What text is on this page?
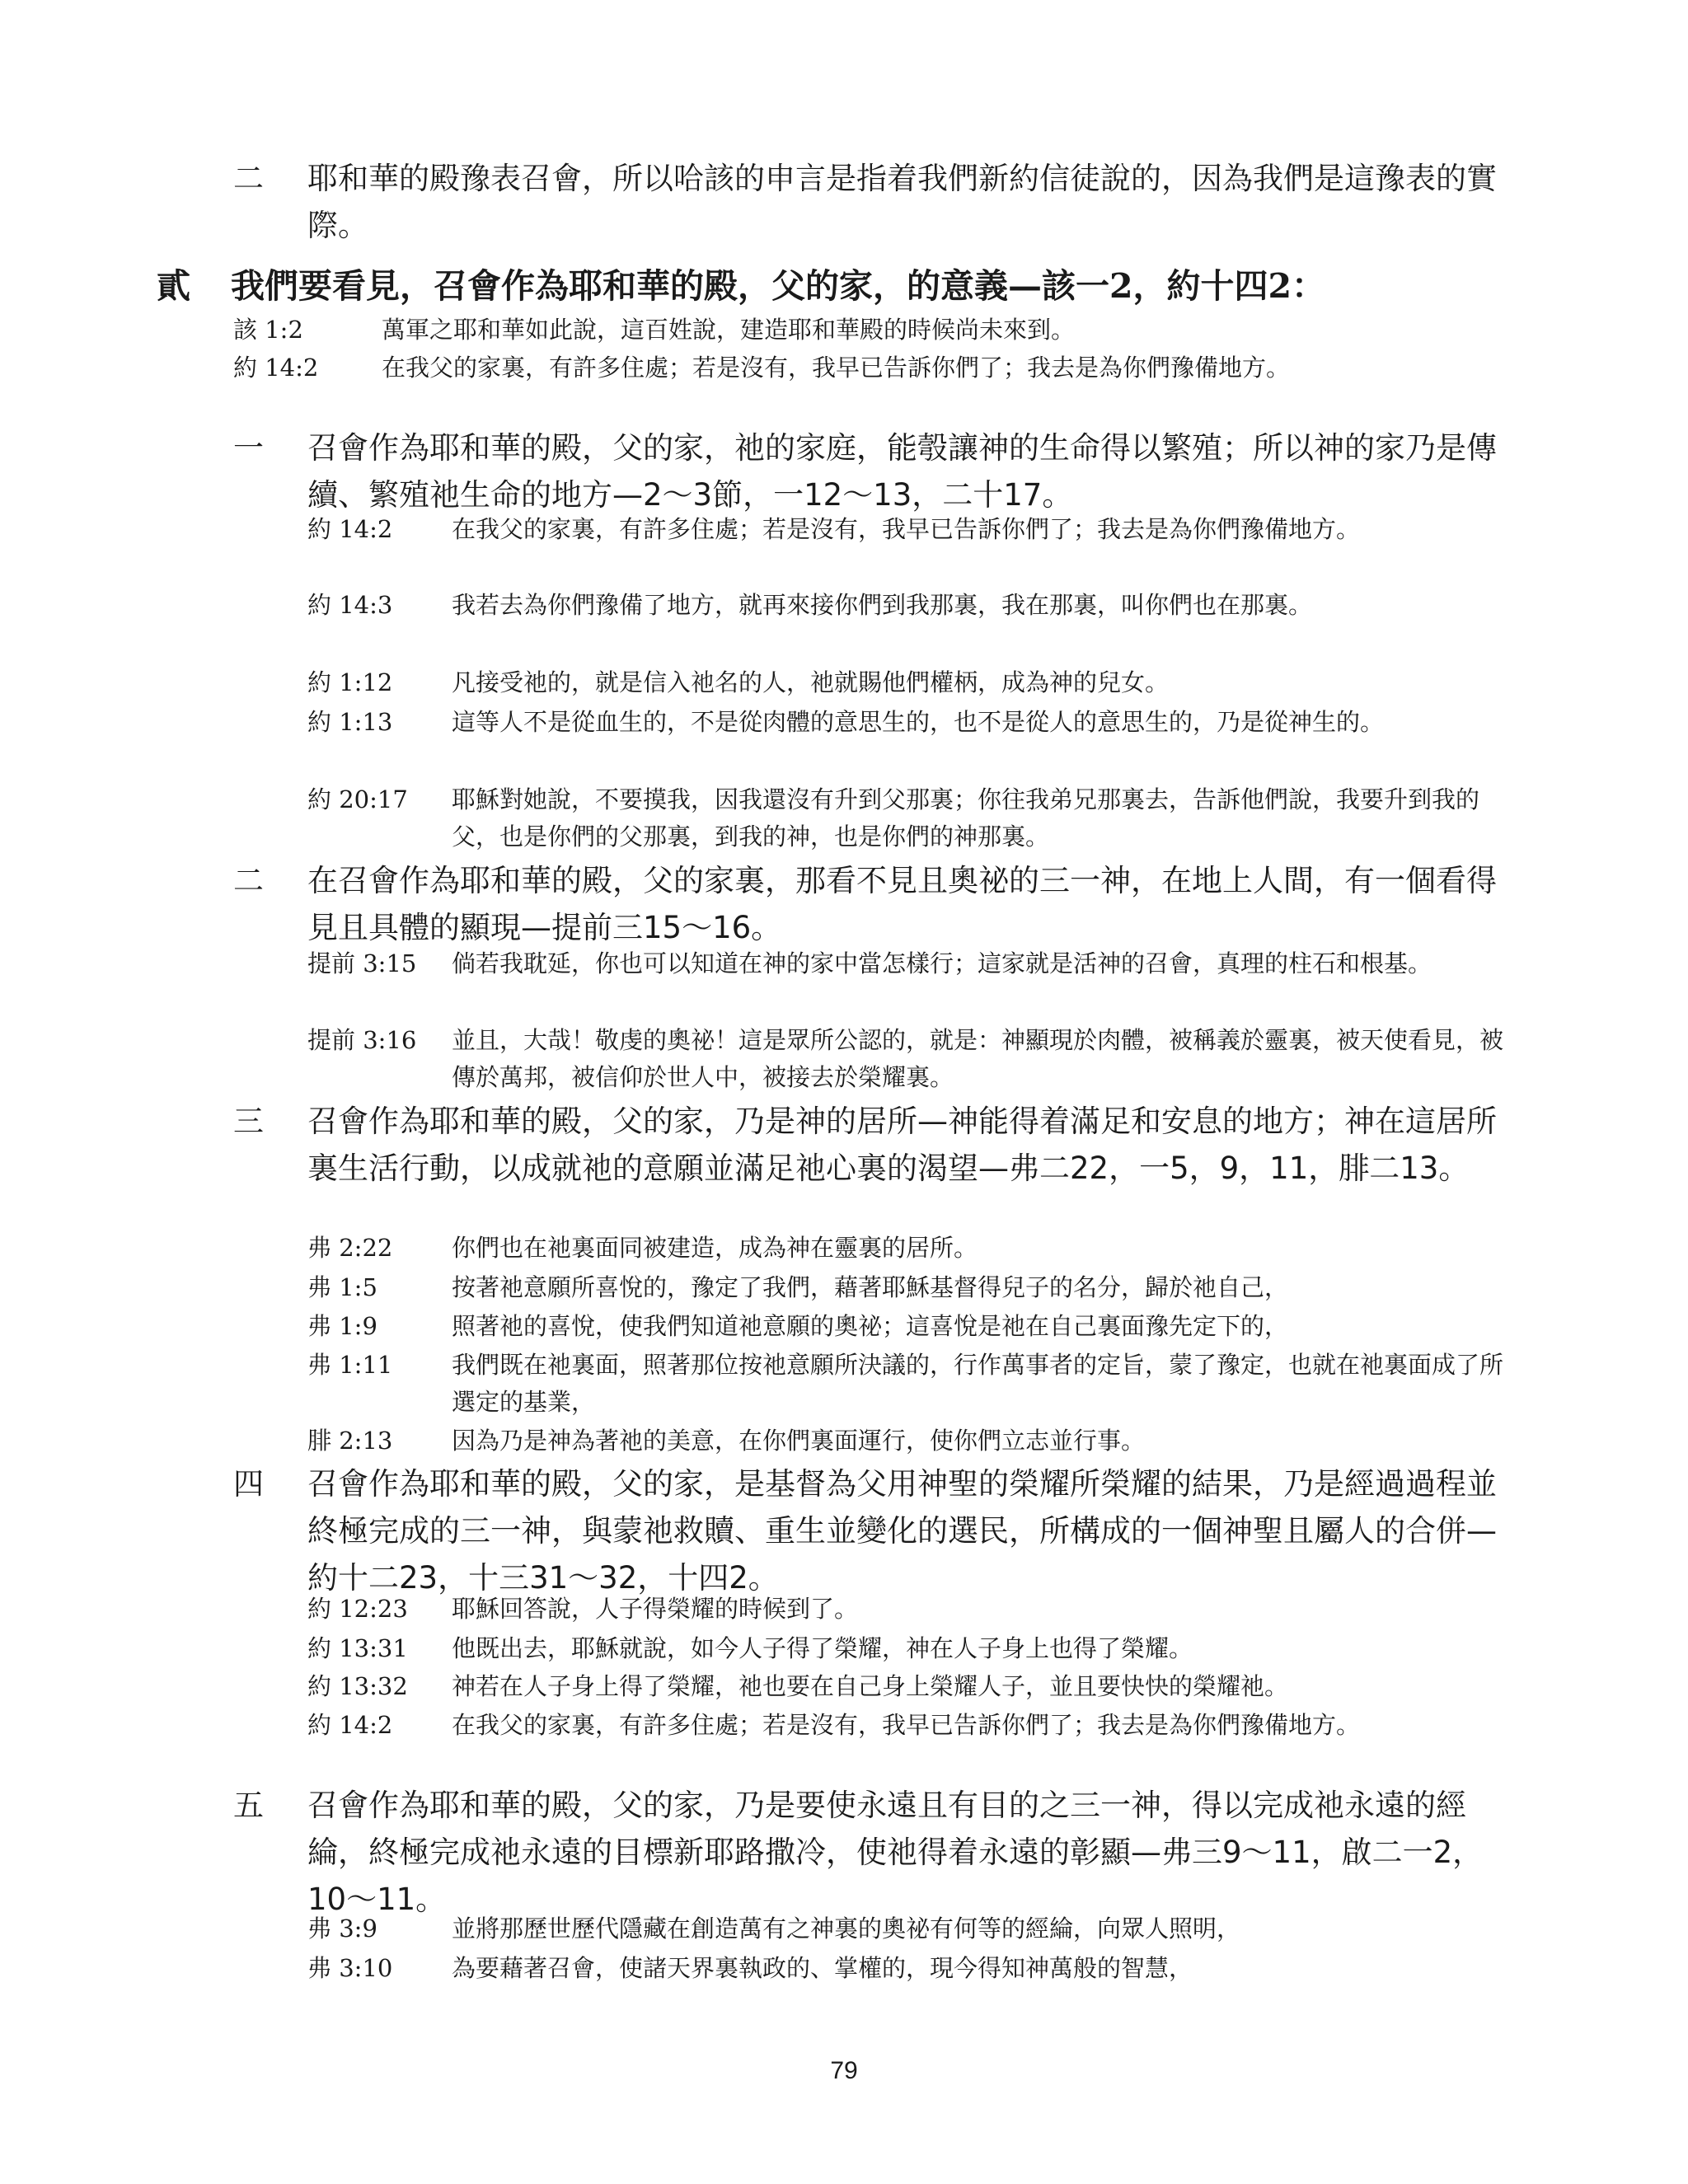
二 耶和華的殿豫表召會，所以哈該的申言是指着我們新約信徒說的，因為我們是這豫表的實際。
貳 我們要看見，召會作為耶和華的殿，父的家，的意義—該一2，約十四2：
該 1:2	萬軍之耶和華如此說，這百姓說，建造耶和華殿的時候尚未來到。
約 14:2	在我父的家裏，有許多住處；若是沒有，我早已告訴你們了；我去是為你們豫備地方。
一 召會作為耶和華的殿，父的家，祂的家庭，能彀讓神的生命得以繁殖；所以神的家乃是傳續、繁殖祂生命的地方—2～3節，一12～13，二十17。
約 14:2 在我父的家裏，有許多住處；若是沒有，我早已告訴你們了；我去是為你們豫備地方。
約 14:3 我若去為你們豫備了地方，就再來接你們到我那裏，我在那裏，叫你們也在那裏。
約 1:12 凡接受祂的，就是信入祂名的人，祂就賜他們權柄，成為神的兒女。
約 1:13 這等人不是從血生的，不是從肉體的意思生的，也不是從人的意思生的，乃是從神生的。
約 20:17 耶穌對她說，不要摸我，因我還沒有升到父那裏；你往我弟兄那裏去，告訴他們說，我要升到我的父，也是你們的父那裏，到我的神，也是你們的神那裏。
二 在召會作為耶和華的殿，父的家裏，那看不見且奧祕的三一神，在地上人間，有一個看得見且具體的顯現—提前三15～16。
提前 3:15 倘若我耽延，你也可以知道在神的家中當怎樣行；這家就是活神的召會，真理的柱石和根基。
提前 3:16 並且，大哉！敬虔的奧祕！這是眾所公認的，就是：神顯現於肉體，被稱義於靈裏，被天使看見，被傳於萬邦，被信仰於世人中，被接去於榮耀裏。
三 召會作為耶和華的殿，父的家，乃是神的居所—神能得着滿足和安息的地方；神在這居所裏生活行動，以成就祂的意願並滿足祂心裏的渴望—弗二22，一5，9，11，腓二13。
弗 2:22 你們也在祂裏面同被建造，成為神在靈裏的居所。
弗 1:5	按著祂意願所喜悅的，豫定了我們，藉著耶穌基督得兒子的名分，歸於祂自己，
弗 1:9	照著祂的喜悅，使我們知道祂意願的奧祕；這喜悅是祂在自己裏面豫先定下的，
弗 1:11 我們既在祂裏面，照著那位按祂意願所決議的，行作萬事者的定旨，蒙了豫定，也就在祂裏面成了所選定的基業，
腓 2:13 因為乃是神為著祂的美意，在你們裏面運行，使你們立志並行事。
四 召會作為耶和華的殿，父的家，是基督為父用神聖的榮耀所榮耀的結果，乃是經過過程並終極完成的三一神，與蒙祂救贖、重生並變化的選民，所構成的一個神聖且屬人的合併—約十二23，十三31～32，十四2。
約 12:23 耶穌回答說，人子得榮耀的時候到了。
約 13:31 他既出去，耶穌就說，如今人子得了榮耀，神在人子身上也得了榮耀。
約 13:32 神若在人子身上得了榮耀，祂也要在自己身上榮耀人子，並且要快快的榮耀祂。
約 14:2 在我父的家裏，有許多住處；若是沒有，我早已告訴你們了；我去是為你們豫備地方。
五 召會作為耶和華的殿，父的家，乃是要使永遠且有目的之三一神，得以完成祂永遠的經綸，終極完成祂永遠的目標新耶路撒冷，使祂得着永遠的彰顯—弗三9～11，啟二一2，10～11。
弗 3:9	並將那歷世歷代隱藏在創造萬有之神裏的奧祕有何等的經綸，向眾人照明，
弗 3:10 為要藉著召會，使諸天界裏執政的、掌權的，現今得知神萬般的智慧，
79
